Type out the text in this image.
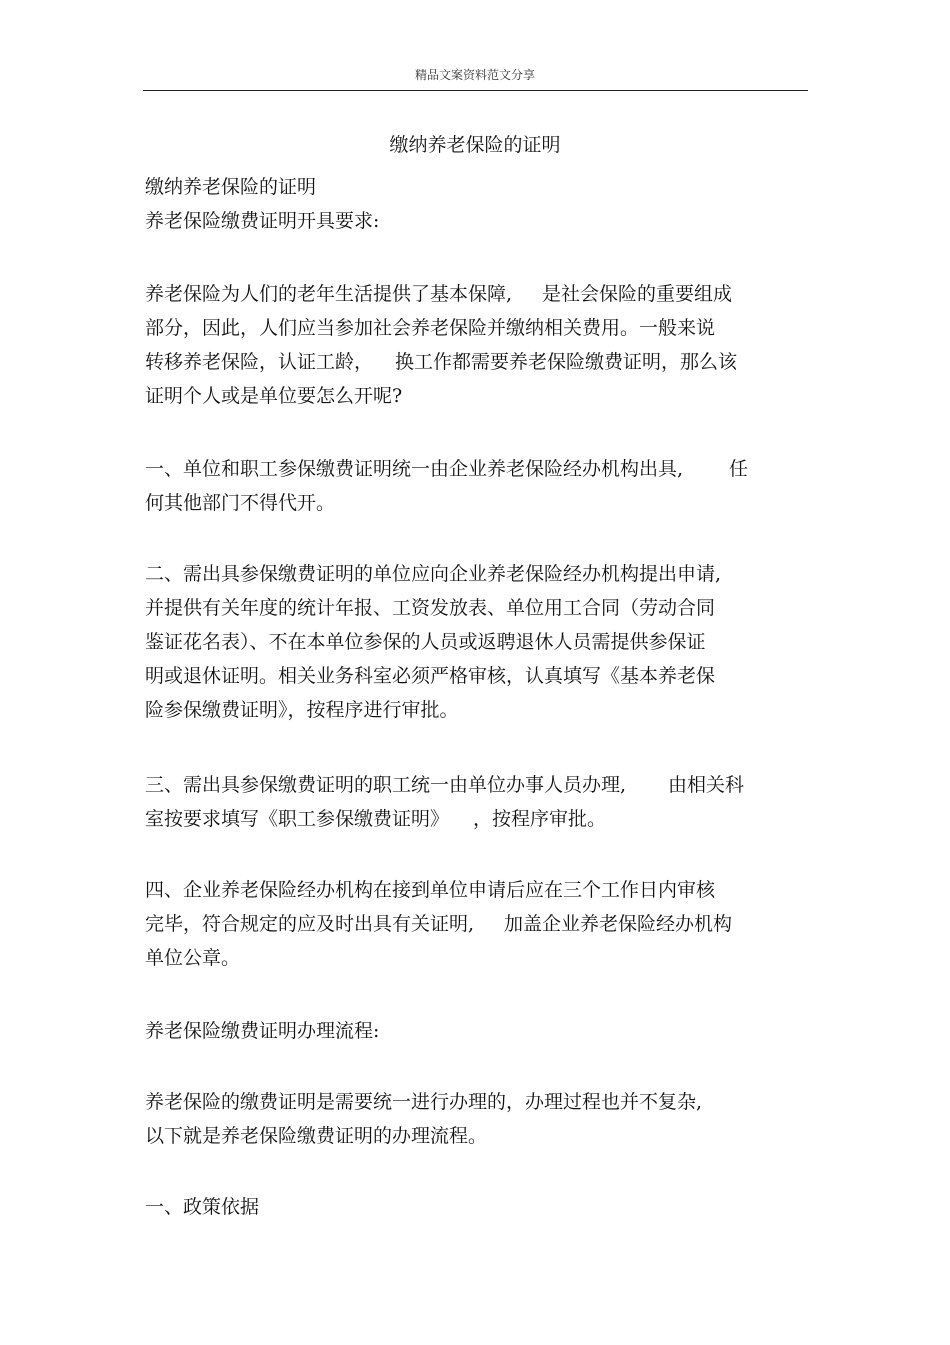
精品文案资料范文分享
缴纳养老保险的证明
缴纳养老保险的证明
养老保险缴费证明开具要求:
养老保险为人们的老年生活提供了基本保障, 是社会保险的重要组成
部分，因此，人们应当参加社会养老保险并缴纳相关费用。一般来说
转移养老保险，认证工龄， 换工作都需要养老保险缴费证明，那么该
证明个人或是单位要怎么开呢?
一、单位和职工参保缴费证明统一由企业养老保险经办机构出具, 任
何其他部门不得代开。
二、需出具参保缴费证明的单位应向企业养老保险经办机构提出申请,
并提供有关年度的统计年报、工资发放表、单位用工合同（劳动合同
鉴证花名表）、不在本单位参保的人员或返聘退休人员需提供参保证
明或退休证明。相关业务科室必须严格审核，认真填写《基本养老保
险参保缴费证明》，按程序进行审批。
三、需出具参保缴费证明的职工统一由单位办事人员办理, 由相关科
室按要求填写《职工参保缴费证明》 ，按程序审批。
四、企业养老保险经办机构在接到单位申请后应在三个工作日内审核
完毕，符合规定的应及时出具有关证明, 加盖企业养老保险经办机构
单位公章。
养老保险缴费证明办理流程:
养老保险的缴费证明是需要统一进行办理的，办理过程也并不复杂,
以下就是养老保险缴费证明的办理流程。
一、政策依据
